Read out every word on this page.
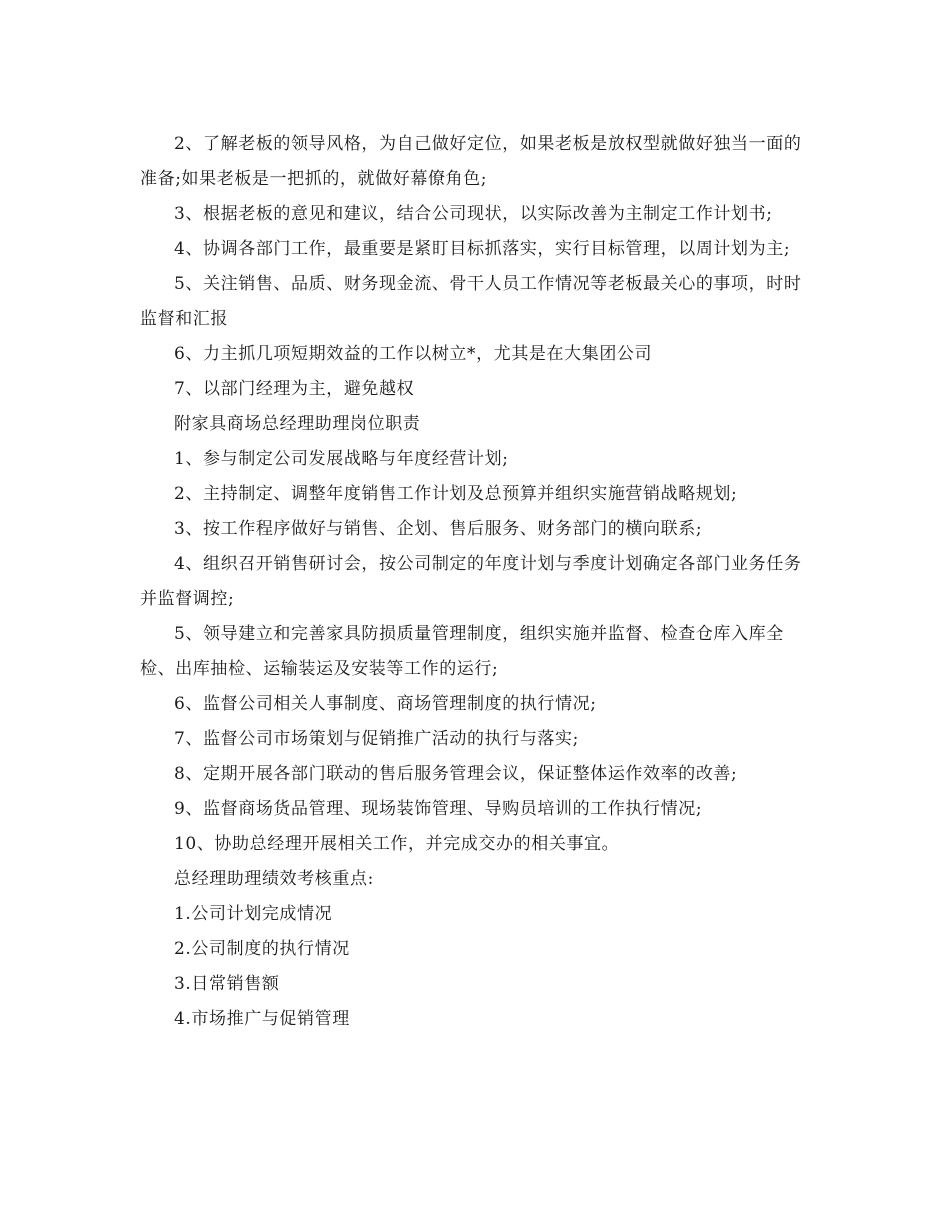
2、了解老板的领导风格，为自己做好定位，如果老板是放权型就做好独当一面的准备;如果老板是一把抓的，就做好幕僚角色;

3、根据老板的意见和建议，结合公司现状，以实际改善为主制定工作计划书;

4、协调各部门工作，最重要是紧盯目标抓落实，实行目标管理，以周计划为主;

5、关注销售、品质、财务现金流、骨干人员工作情况等老板最关心的事项，时时监督和汇报

6、力主抓几项短期效益的工作以树立*，尤其是在大集团公司

7、以部门经理为主，避免越权

附家具商场总经理助理岗位职责

1、参与制定公司发展战略与年度经营计划;

2、主持制定、调整年度销售工作计划及总预算并组织实施营销战略规划;

3、按工作程序做好与销售、企划、售后服务、财务部门的横向联系;

4、组织召开销售研讨会，按公司制定的年度计划与季度计划确定各部门业务任务并监督调控;

5、领导建立和完善家具防损质量管理制度，组织实施并监督、检查仓库入库全检、出库抽检、运输装运及安装等工作的运行;

6、监督公司相关人事制度、商场管理制度的执行情况;

7、监督公司市场策划与促销推广活动的执行与落实;

8、定期开展各部门联动的售后服务管理会议，保证整体运作效率的改善;

9、监督商场货品管理、现场装饰管理、导购员培训的工作执行情况;

10、协助总经理开展相关工作，并完成交办的相关事宜。

总经理助理绩效考核重点:

1.公司计划完成情况

2.公司制度的执行情况

3.日常销售额

4.市场推广与促销管理
